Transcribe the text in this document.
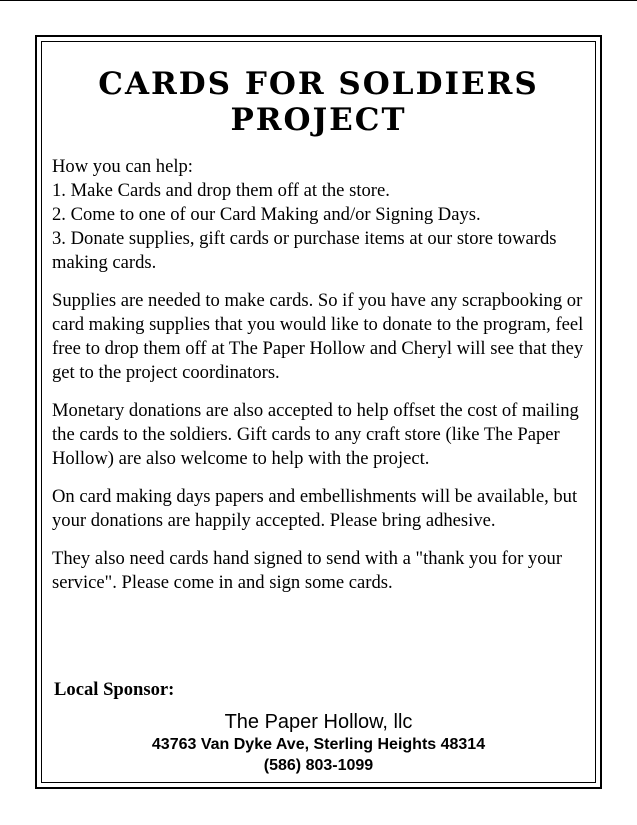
CARDS FOR SOLDIERS
PROJECT
How you can help:
1. Make Cards and drop them off at the store.
2. Come to one of our Card Making and/or Signing Days.
3. Donate supplies, gift cards or purchase items at our store towards making cards.

Supplies are needed to make cards. So if you have any scrapbooking or card making supplies that you would like to donate to the program, feel free to drop them off at The Paper Hollow and Cheryl will see that they get to the project coordinators.

Monetary donations are also accepted to help offset the cost of mailing the cards to the soldiers. Gift cards to any craft store (like The Paper Hollow) are also welcome to help with the project.

On card making days papers and embellishments will be available, but your donations are happily accepted. Please bring adhesive.

They also need cards hand signed to send with a "thank you for your service". Please come in and sign some cards.

Local Sponsor:
The Paper Hollow, llc
43763 Van Dyke Ave, Sterling Heights 48314
(586) 803-1099
